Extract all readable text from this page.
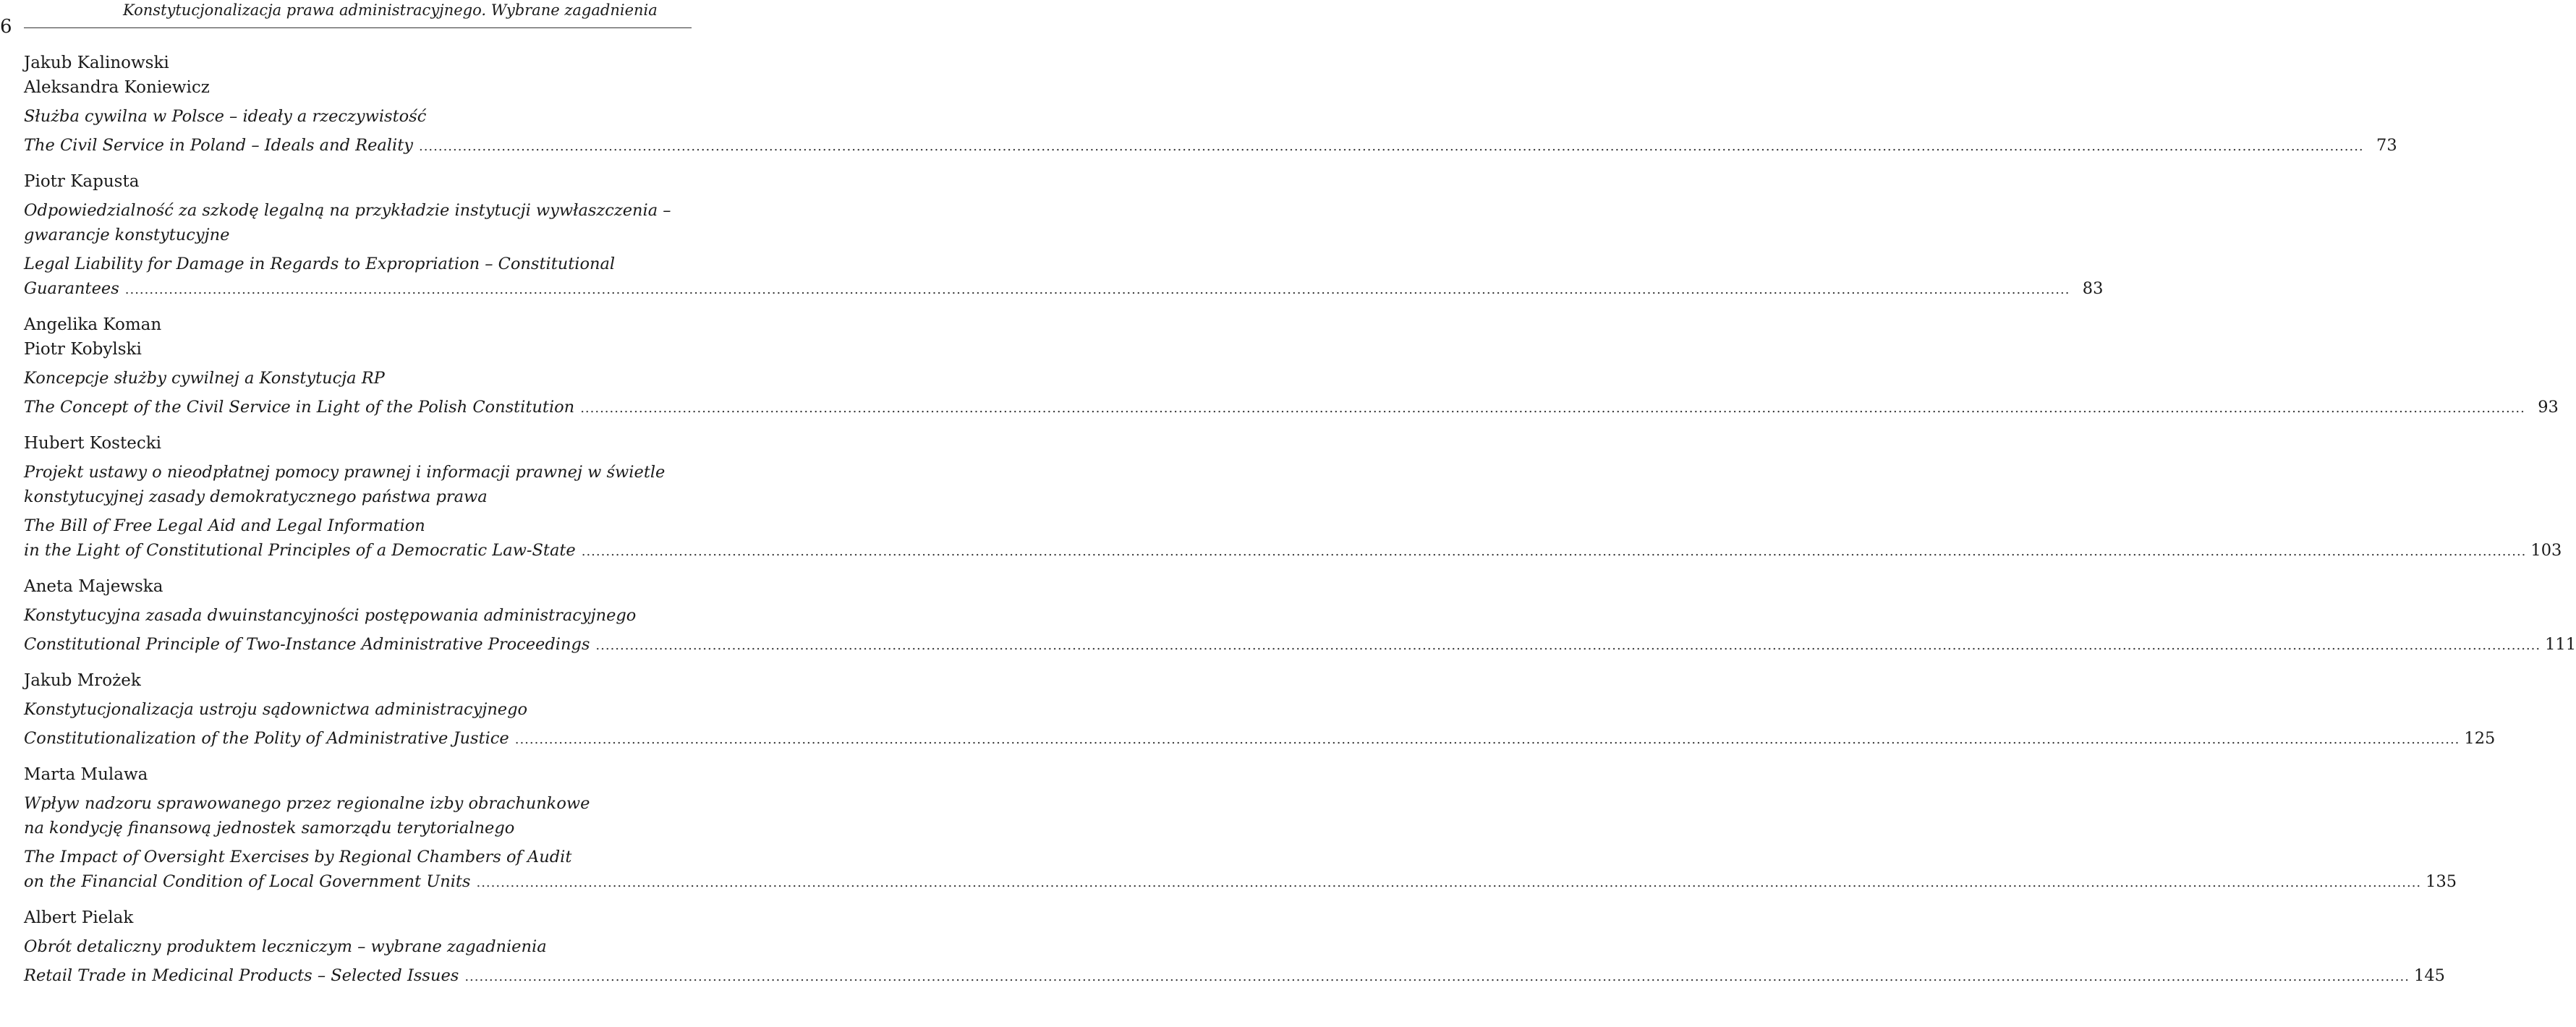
6
Konstytucjonalizacja prawa administracyjnego. Wybrane zagadnienia
Jakub Kalinowski
Aleksandra Koniewicz
Służba cywilna w Polsce – ideały a rzeczywistość
The Civil Service in Poland – Ideals and Reality ................................................................................................................................................................................................................................................................................................................................................................................................................ 73
Piotr Kapusta
Odpowiedzialność za szkodę legalną na przykładzie instytucji wywłaszczenia –
gwarancje konstytucyjne
Legal Liability for Damage in Regards to Expropriation – Constitutional
Guarantees ................................................................................................................................................................................................................................................................................................................................................................................................................ 83
Angelika Koman
Piotr Kobylski
Koncepcje służby cywilnej a Konstytucja RP
The Concept of the Civil Service in Light of the Polish Constitution ................................................................................................................................................................................................................................................................................................................................................................................................................ 93
Hubert Kostecki
Projekt ustawy o nieodpłatnej pomocy prawnej i informacji prawnej w świetle
konstytucyjnej zasady demokratycznego państwa prawa
The Bill of Free Legal Aid and Legal Information
in the Light of Constitutional Principles of a Democratic Law-State ................................................................................................................................................................................................................................................................................................................................................................................................................ 103
Aneta Majewska
Konstytucyjna zasada dwuinstancyjności postępowania administracyjnego
Constitutional Principle of Two-Instance Administrative Proceedings ................................................................................................................................................................................................................................................................................................................................................................................................................ 111
Jakub Mrożek
Konstytucjonalizacja ustroju sądownictwa administracyjnego
Constitutionalization of the Polity of Administrative Justice ................................................................................................................................................................................................................................................................................................................................................................................................................ 125
Marta Mulawa
Wpływ nadzoru sprawowanego przez regionalne izby obrachunkowe
na kondycję finansową jednostek samorządu terytorialnego
The Impact of Oversight Exercises by Regional Chambers of Audit
on the Financial Condition of Local Government Units ................................................................................................................................................................................................................................................................................................................................................................................................................ 135
Albert Pielak
Obrót detaliczny produktem leczniczym – wybrane zagadnienia
Retail Trade in Medicinal Products – Selected Issues ................................................................................................................................................................................................................................................................................................................................................................................................................ 145
